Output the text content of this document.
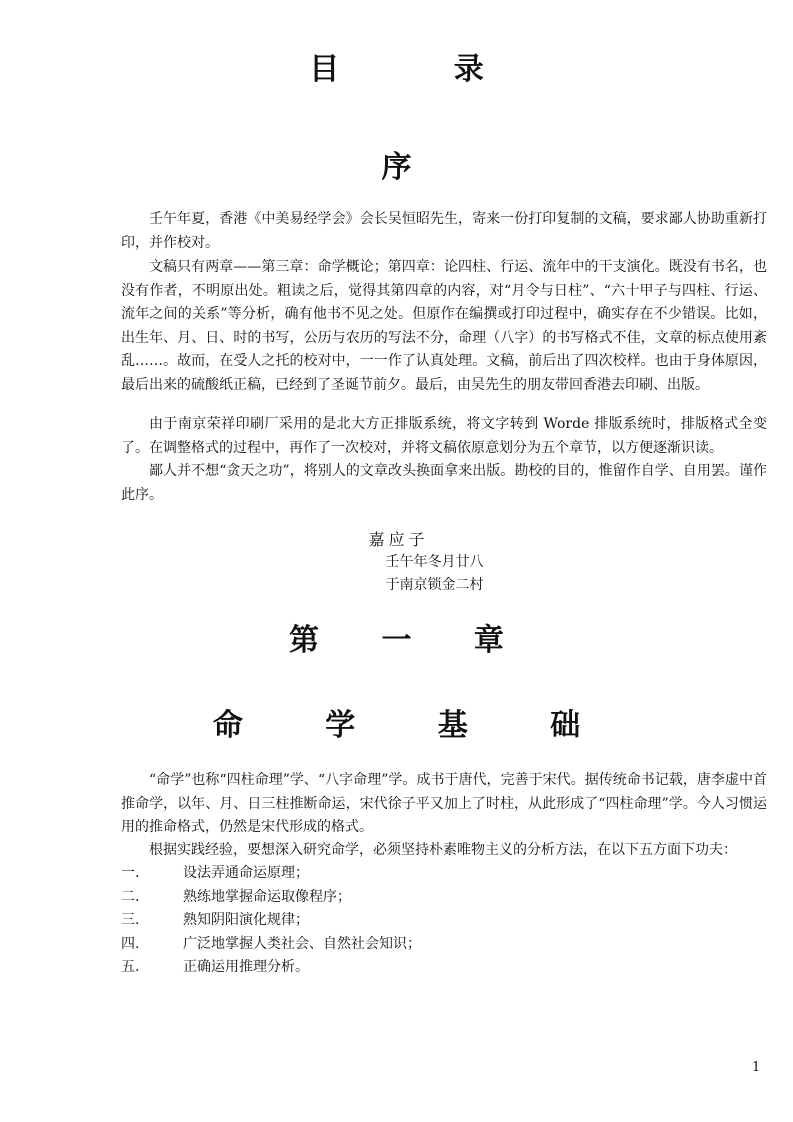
目 录
序

壬午年夏，香港《中美易经学会》会长吴恒昭先生，寄来一份打印复制的文稿，要求鄙人协助重新打印，并作校对。

文稿只有两章——第三章：命学概论；第四章：论四柱、行运、流年中的干支演化。既没有书名，也没有作者，不明原出处。粗读之后，觉得其第四章的内容，对“月令与日柱”、“六十甲子与四柱、行运、流年之间的关系”等分析，确有他书不见之处。但原作在编撰或打印过程中，确实存在不少错误。比如，出生年、月、日、时的书写，公历与农历的写法不分，命理（八字）的书写格式不佳，文章的标点使用紊乱……。故而，在受人之托的校对中，一一作了认真处理。文稿，前后出了四次校样。也由于身体原因，最后出来的硫酸纸正稿，已经到了圣诞节前夕。最后，由吴先生的朋友带回香港去印刷、出版。

由于南京荣祥印刷厂采用的是北大方正排版系统，将文字转到 Worde 排版系统时，排版格式全变了。在调整格式的过程中，再作了一次校对，并将文稿依原意划分为五个章节，以方便逐渐识读。

鄙人并不想“贪天之功”，将别人的文章改头换面拿来出版。勘校的目的，惟留作自学、自用罢。谨作此序。

嘉应子

壬午年冬月廿八

于南京锁金二村

第 一 章
命 学 基 础

“命学”也称“四柱命理”学、“八字命理”学。成书于唐代，完善于宋代。据传统命书记载，唐李虚中首推命学，以年、月、日三柱推断命运，宋代徐子平又加上了时柱，从此形成了“四柱命理”学。今人习惯运用的推命格式，仍然是宋代形成的格式。

根据实践经验，要想深入研究命学，必须坚持朴素唯物主义的分析方法，在以下五方面下功夫：

一.	设法弄通命运原理；
二.	熟练地掌握命运取像程序；
三.	熟知阴阳演化规律；
四.	广泛地掌握人类社会、自然社会知识；
五.	正确运用推理分析。
1
